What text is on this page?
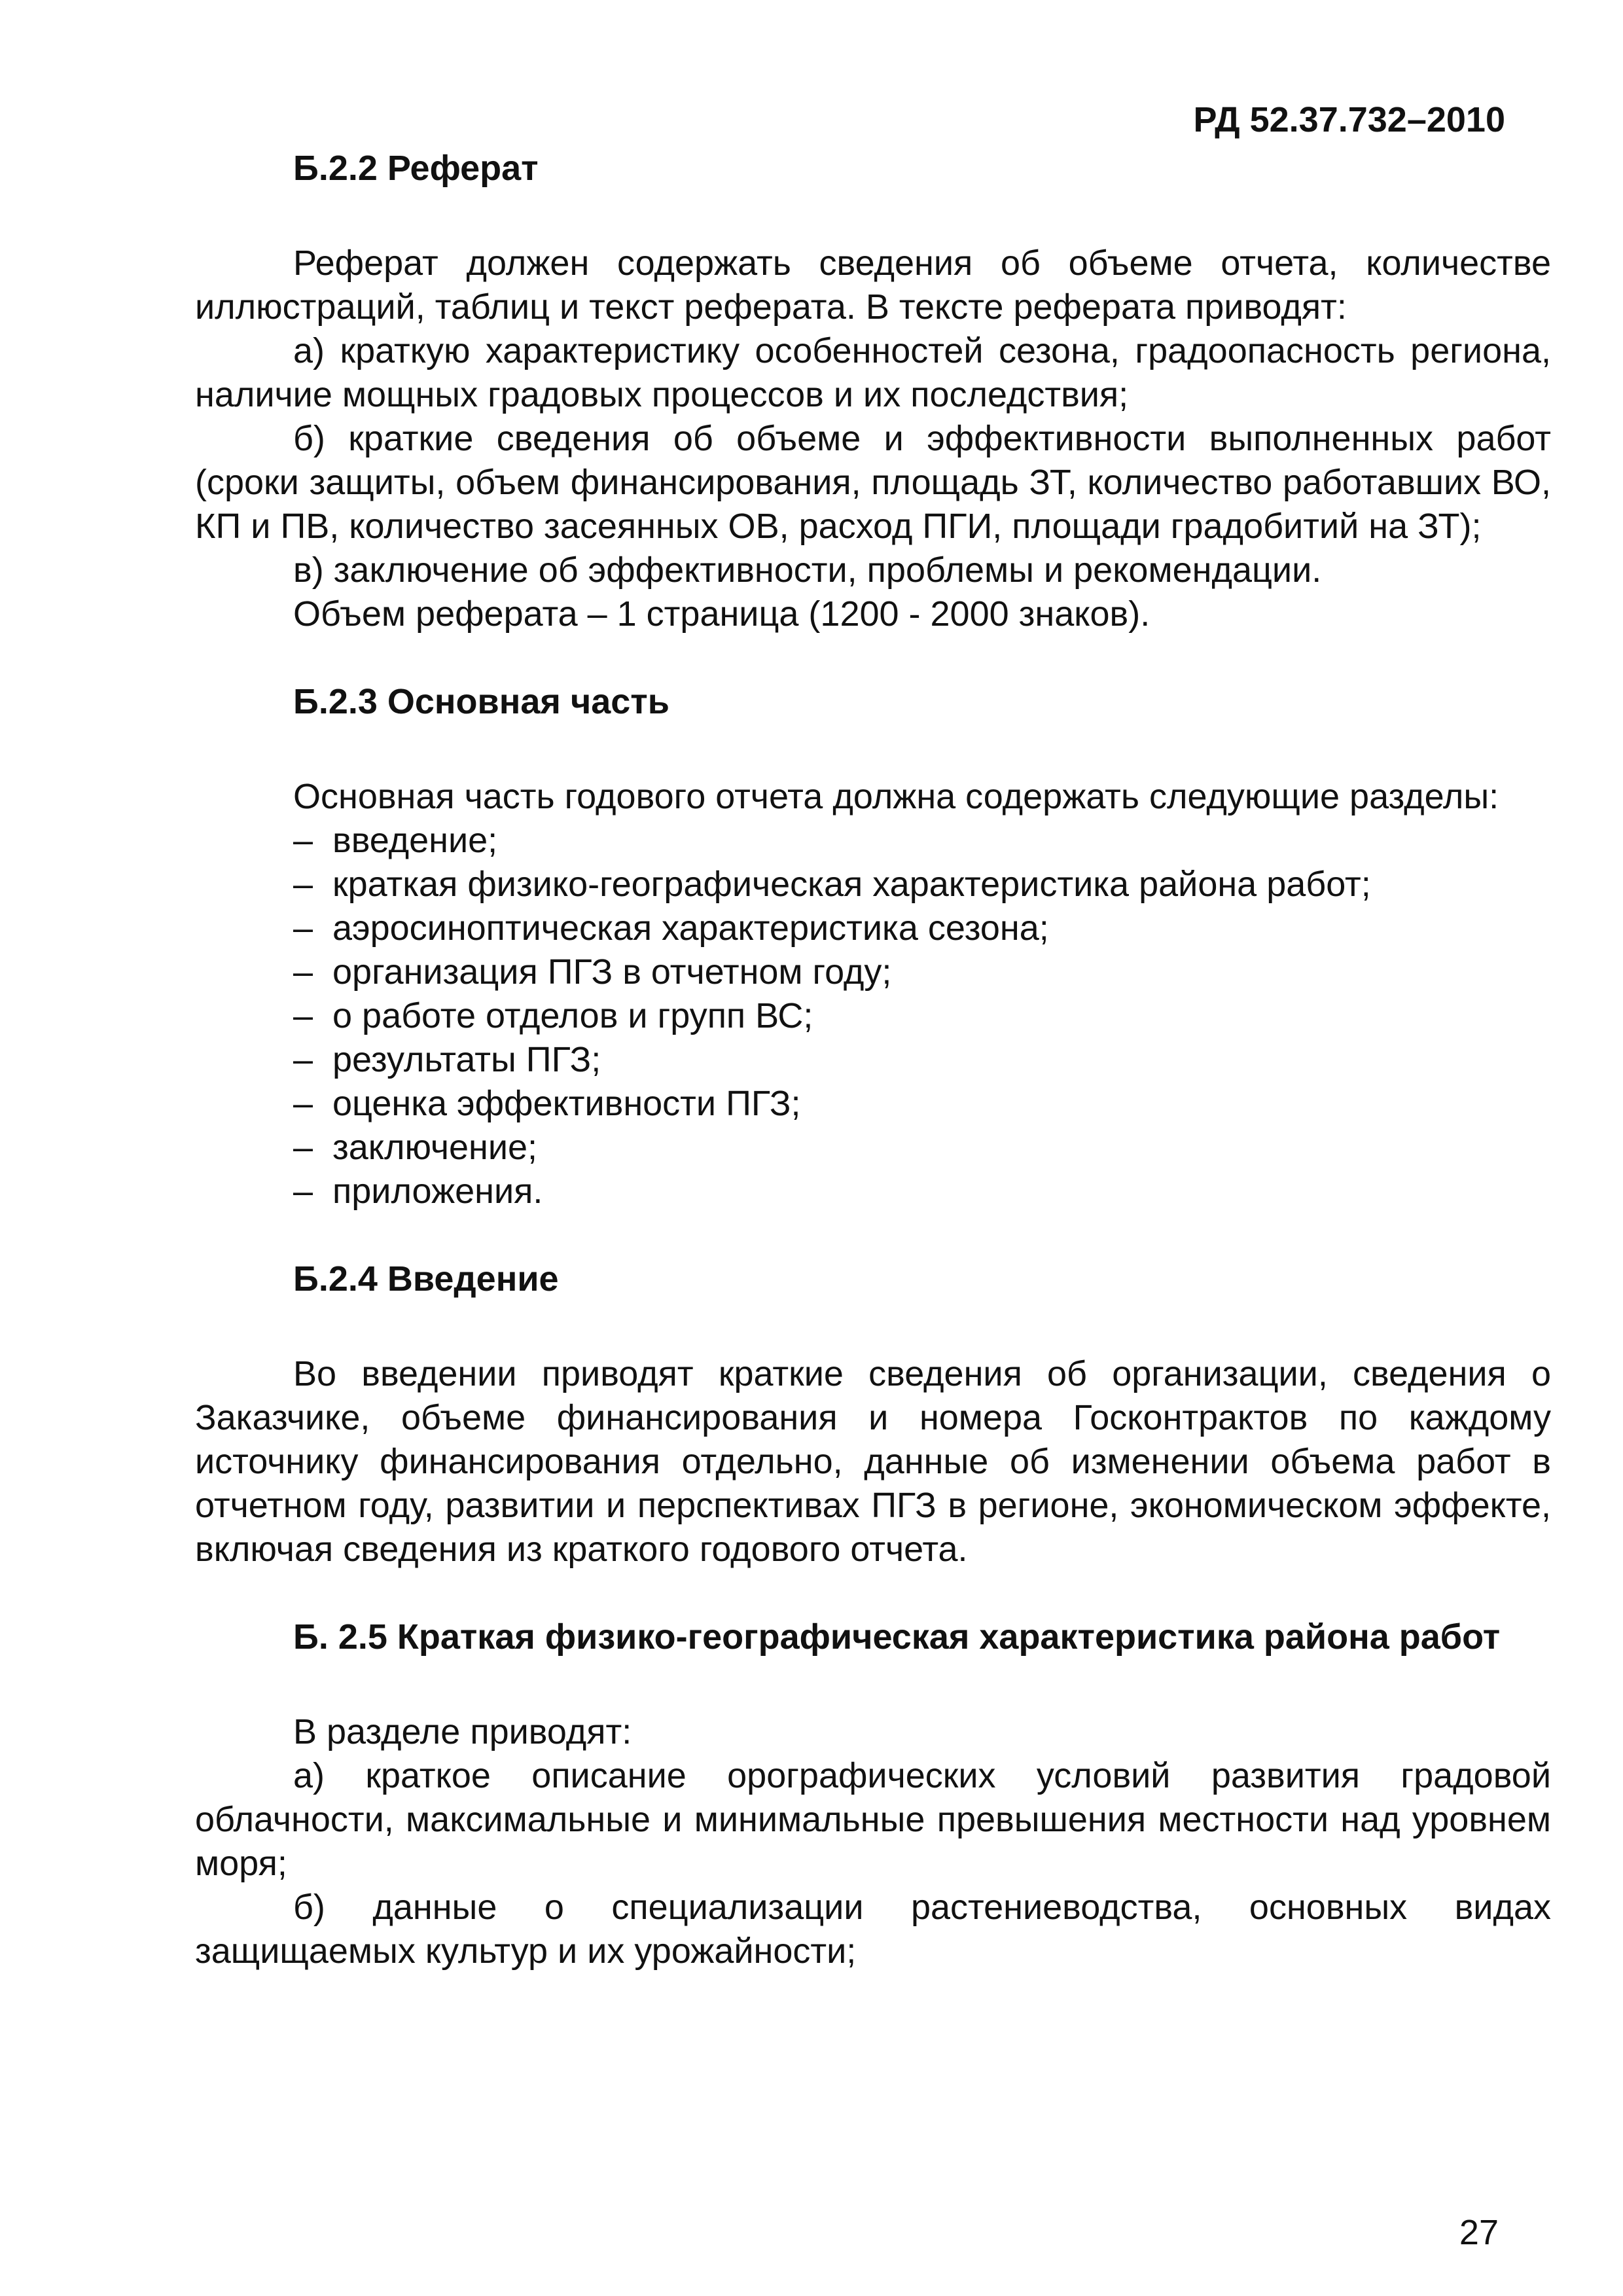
РД 52.37.732–2010

Б.2.2 Реферат

Реферат должен содержать сведения об объеме отчета, количестве иллюстраций, таблиц и текст реферата. В тексте реферата приводят:

а) краткую характеристику особенностей сезона, градоопасность региона, наличие мощных градовых процессов и их последствия;

б) краткие сведения об объеме и эффективности выполненных работ (сроки защиты, объем финансирования, площадь ЗТ, количество работавших ВО, КП и ПВ, количество засеянных ОВ, расход ПГИ, площади градобитий на ЗТ);

в) заключение об эффективности, проблемы и рекомендации.

Объем реферата – 1 страница (1200 - 2000 знаков).

Б.2.3 Основная часть

Основная часть годового отчета должна содержать следующие разделы:

– введение;

– краткая физико-географическая характеристика района работ;

– аэросиноптическая характеристика сезона;

– организация ПГЗ в отчетном году;

– о работе отделов и групп ВС;

– результаты ПГЗ;

– оценка эффективности ПГЗ;

– заключение;

– приложения.

Б.2.4 Введение

Во введении приводят краткие сведения об организации, сведения о Заказчике, объеме финансирования и номера Госконтрактов по каждому источнику финансирования отдельно, данные об изменении объема работ в отчетном году, развитии и перспективах ПГЗ в регионе, экономическом эффекте, включая сведения из краткого годового отчета.

Б. 2.5 Краткая физико-географическая характеристика района работ

В разделе приводят:

а) краткое описание орографических условий развития градовой облачности, максимальные и минимальные превышения местности над уровнем моря;

б) данные о специализации растениеводства, основных видах защищаемых культур и их урожайности;

27
